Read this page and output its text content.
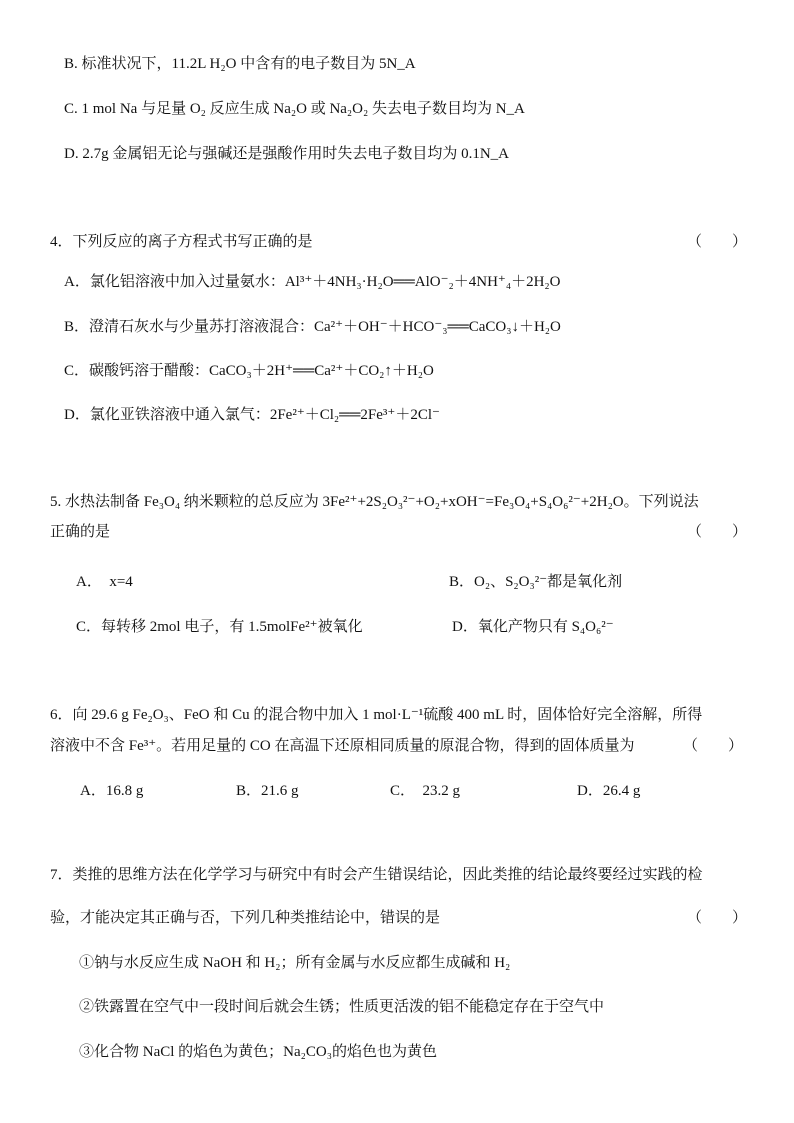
B. 标准状况下，11.2L H₂O 中含有的电子数目为 5N_A
C. 1 mol Na 与足量 O₂ 反应生成 Na₂O 或 Na₂O₂ 失去电子数目均为 N_A
D. 2.7g 金属铝无论与强碱还是强酸作用时失去电子数目均为 0.1N_A
4．下列反应的离子方程式书写正确的是	（　　）
A．氯化铝溶液中加入过量氨水：Al³⁺＋4NH₃·H₂O══AlO⁻₂＋4NH⁺₄＋2H₂O
B．澄清石灰水与少量苏打溶液混合：Ca²⁺＋OH⁻＋HCO⁻₃══CaCO₃↓＋H₂O
C．碳酸钙溶于醋酸：CaCO₃＋2H⁺══Ca²⁺＋CO₂↑＋H₂O
D．氯化亚铁溶液中通入氯气：2Fe²⁺＋Cl₂══2Fe³⁺＋2Cl⁻
5. 水热法制备 Fe₃O₄ 纳米颗粒的总反应为 3Fe²⁺+2S₂O₃²⁻+O₂+xOH⁻=Fe₃O₄+S₄O₆²⁻+2H₂O。下列说法
正确的是	（　　）
A．　x=4	B．O₂、S₂O₃²⁻都是氧化剂
C．每转移 2mol 电子，有 1.5molFe²⁺被氧化	D．氧化产物只有 S₄O₆²⁻
6．向 29.6 g Fe₂O₃、FeO 和 Cu 的混合物中加入 1 mol·L⁻¹硫酸 400 mL 时，固体恰好完全溶解，所得
溶液中不含 Fe³⁺。若用足量的 CO 在高温下还原相同质量的原混合物，得到的固体质量为	（　　）
A．16.8 g	B．21.6 g	C．　23.2 g	D．26.4 g
7．类推的思维方法在化学学习与研究中有时会产生错误结论，因此类推的结论最终要经过实践的检
验，才能决定其正确与否，下列几种类推结论中，错误的是	（　　）
①钠与水反应生成 NaOH 和 H₂；所有金属与水反应都生成碱和 H₂
②铁露置在空气中一段时间后就会生锈；性质更活泼的铝不能稳定存在于空气中
③化合物 NaCl 的焰色为黄色；Na₂CO₃的焰色也为黄色
